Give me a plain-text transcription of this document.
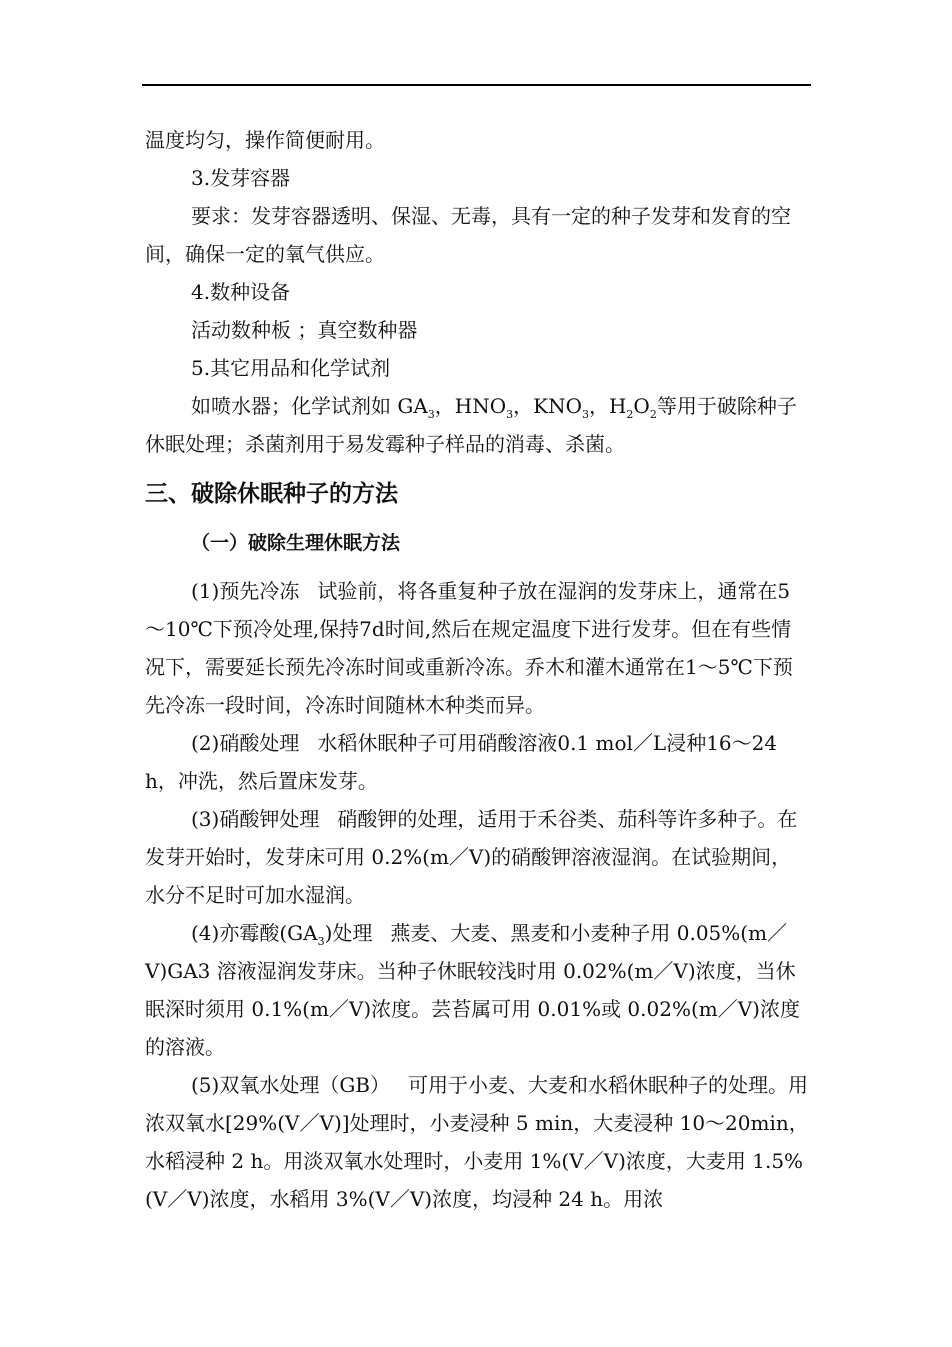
温度均匀，操作简便耐用。

3.发芽容器

要求：发芽容器透明、保湿、无毒，具有一定的种子发芽和发育的空间，确保一定的氧气供应。

4.数种设备

活动数种板 ；真空数种器

5.其它用品和化学试剂

如喷水器；化学试剂如 $GA_3$，$HNO_3$，$KNO_3$，$H_2O_2$等用于破除种子休眠处理；杀菌剂用于易发霉种子样品的消毒、杀菌。

三、破除休眠种子的方法
（一）破除生理休眠方法

(1)预先冷冻 试验前，将各重复种子放在湿润的发芽床上，通常在5～10℃下预冷处理,保持7d时间,然后在规定温度下进行发芽。但在有些情况下，需要延长预先冷冻时间或重新冷冻。乔木和灌木通常在1～5℃下预先冷冻一段时间，冷冻时间随林木种类而异。

(2)硝酸处理 水稻休眠种子可用硝酸溶液0.1 mol／L浸种16～24h，冲洗，然后置床发芽。

(3)硝酸钾处理 硝酸钾的处理，适用于禾谷类、茄科等许多种子。在发芽开始时，发芽床可用 0.2%(m／V)的硝酸钾溶液湿润。在试验期间，水分不足时可加水湿润。

(4)亦霉酸$(GA_3)$处理 燕麦、大麦、黑麦和小麦种子用 0.05%(m／V)GA3 溶液湿润发芽床。当种子休眠较浅时用 0.02%(m／V)浓度，当休眠深时须用 0.1%(m／V)浓度。芸苔属可用 0.01%或 0.02%(m／V)浓度的溶液。

(5)双氧水处理（GB） 可用于小麦、大麦和水稻休眠种子的处理。用浓双氧水[29%(V／V)]处理时，小麦浸种 5 min，大麦浸种 10～20min，水稻浸种 2 h。用淡双氧水处理时，小麦用 1%(V／V)浓度，大麦用 1.5%(V／V)浓度，水稻用 3%(V／V)浓度，均浸种 24 h。用浓
